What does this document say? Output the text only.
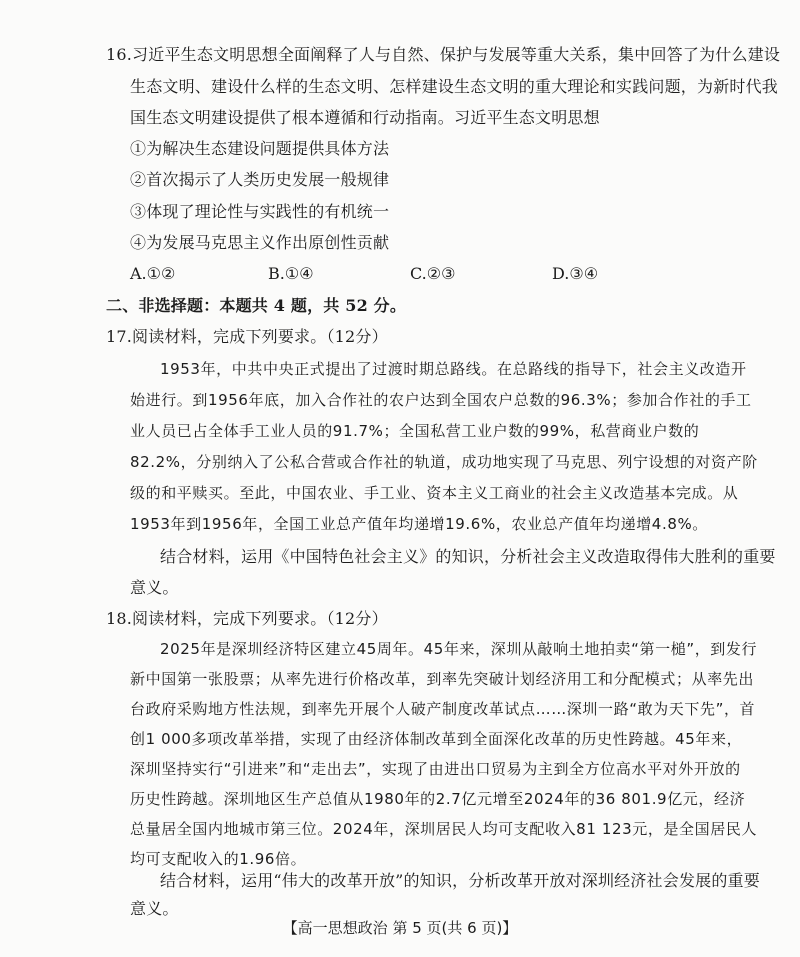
16.习近平生态文明思想全面阐释了人与自然、保护与发展等重大关系，集中回答了为什么建设
生态文明、建设什么样的生态文明、怎样建设生态文明的重大理论和实践问题，为新时代我
国生态文明建设提供了根本遵循和行动指南。习近平生态文明思想
①为解决生态建设问题提供具体方法
②首次揭示了人类历史发展一般规律
③体现了理论性与实践性的有机统一
④为发展马克思主义作出原创性贡献
A.①②	B.①④	C.②③	D.③④
二、非选择题：本题共 4 题，共 52 分。
17.阅读材料，完成下列要求。（12分）
1953年，中共中央正式提出了过渡时期总路线。在总路线的指导下，社会主义改造开
始进行。到1956年底，加入合作社的农户达到全国农户总数的96.3%；参加合作社的手工
业人员已占全体手工业人员的91.7%；全国私营工业户数的99%，私营商业户数的
82.2%，分别纳入了公私合营或合作社的轨道，成功地实现了马克思、列宁设想的对资产阶
级的和平赎买。至此，中国农业、手工业、资本主义工商业的社会主义改造基本完成。从
1953年到1956年，全国工业总产值年均递增19.6%，农业总产值年均递增4.8%。
结合材料，运用《中国特色社会主义》的知识，分析社会主义改造取得伟大胜利的重要
意义。
18.阅读材料，完成下列要求。（12分）
2025年是深圳经济特区建立45周年。45年来，深圳从敲响土地拍卖“第一槌”，到发行
新中国第一张股票；从率先进行价格改革，到率先突破计划经济用工和分配模式；从率先出
台政府采购地方性法规，到率先开展个人破产制度改革试点……深圳一路“敢为天下先”，首
创1 000多项改革举措，实现了由经济体制改革到全面深化改革的历史性跨越。45年来，
深圳坚持实行“引进来”和“走出去”，实现了由进出口贸易为主到全方位高水平对外开放的
历史性跨越。深圳地区生产总值从1980年的2.7亿元增至2024年的36 801.9亿元，经济
总量居全国内地城市第三位。2024年，深圳居民人均可支配收入81 123元，是全国居民人
均可支配收入的1.96倍。
结合材料，运用“伟大的改革开放”的知识，分析改革开放对深圳经济社会发展的重要
意义。
【高一思想政治 第 5 页(共 6 页)】
